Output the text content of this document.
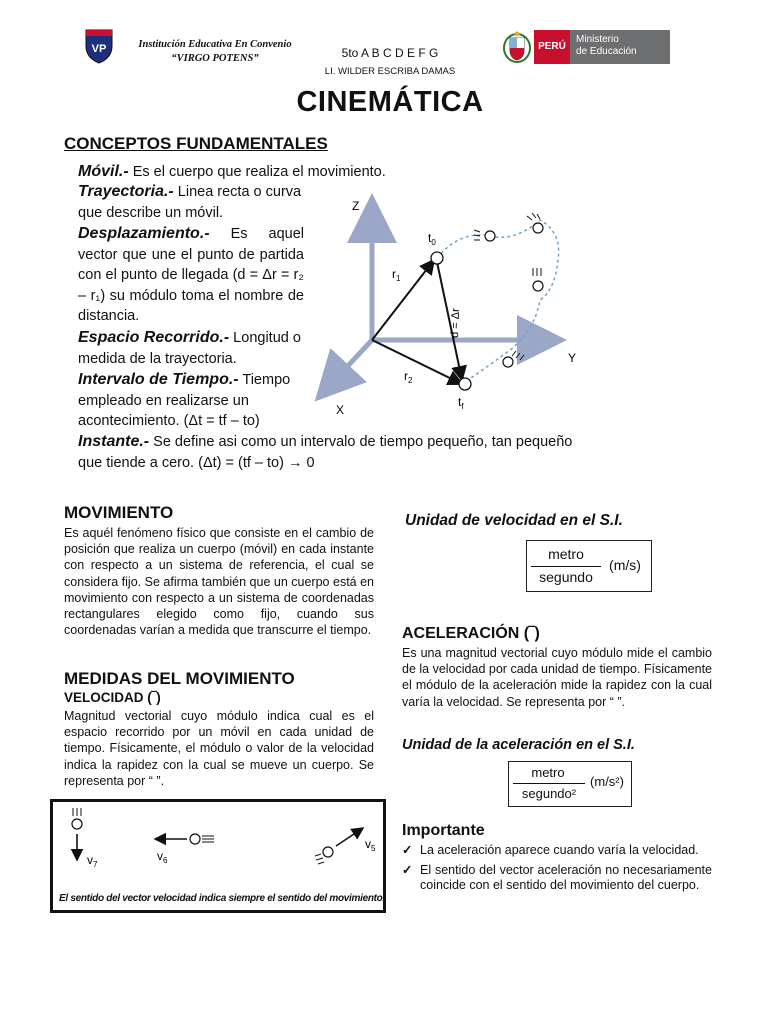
VP	Institución Educativa En Convenio
“VIRGO POTENS”	5to A B C D E F G
LI. WILDER ESCRIBA DAMAS
PERÚ
Ministerio
de Educación
CINEMÁTICA
CONCEPTOS FUNDAMENTALES
Móvil.- Es el cuerpo que realiza el movimiento.
Trayectoria.- Linea recta o curva que describe un móvil.
Desplazamiento.- Es aquel vector que une el punto de partida con el punto de llegada (d = Δr = r₂ – r₁) su módulo toma el nombre de distancia.
Espacio Recorrido.- Longitud o medida de la trayectoria.
Intervalo de Tiempo.- Tiempo empleado en realizarse un acontecimiento. (Δt = tf – to)
Instante.- Se define asi como un intervalo de tiempo pequeño, tan pequeño que tiende a cero. (Δt) = (tf – to) → 0
Z
Y
X
$t_0$
$t_f$
$r_1$
$r_2$
d = Δr
MOVIMIENTO
Es aquél fenómeno físico que consiste en el cambio de posición que realiza un cuerpo (móvil) en cada instante con respecto a un sistema de referencia, el cual se considera fijo. Se afirma también que un cuerpo está en movimiento con respecto a un sistema de coordenadas rectangulares elegido como fijo, cuando sus coordenadas varían a medida que transcurre el tiempo.
MEDIDAS DEL MOVIMIENTO
VELOCIDAD (‾)
Magnitud vectorial cuyo módulo indica cual es el espacio recorrido por un móvil en cada unidad de tiempo. Físicamente, el módulo o valor de la velocidad indica la rapidez con la cual se mueve un cuerpo. Se representa por “ ”.
$v_7$
$v_6$
$v_5$
El sentido del vector velocidad indica siempre el sentido del movimiento.
Unidad de velocidad en el S.I.
metro
segundo
(m/s)
ACELERACIÓN (‾)
Es una magnitud vectorial cuyo módulo mide el cambio de la velocidad por cada unidad de tiempo. Físicamente el módulo de la aceleración mide la rapidez con la cual varía la velocidad. Se representa por “ ”.
Unidad de la aceleración en el S.I.
metro
segundo²
(m/s²)
Importante
✓ La aceleración aparece cuando varía la velocidad.
✓ El sentido del vector aceleración no necesariamente coincide con el sentido del movimiento del cuerpo.
